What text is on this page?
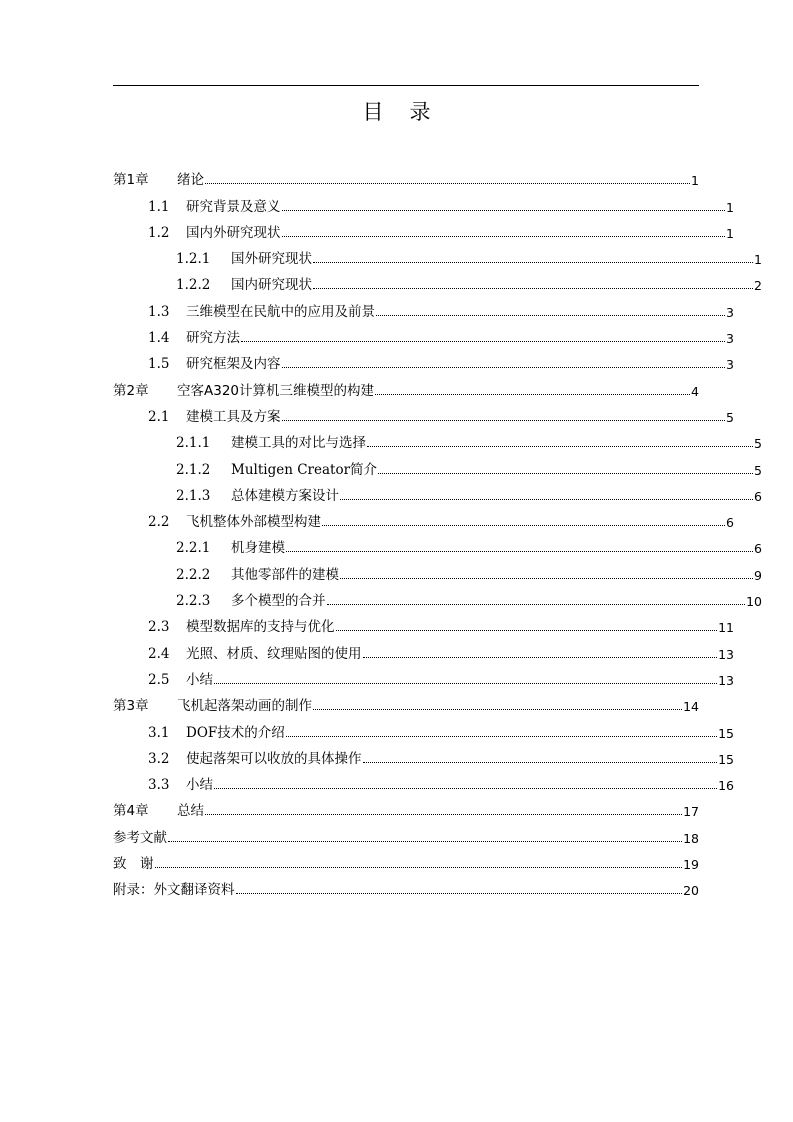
目录
第1章	绪论	1
1.1	研究背景及意义	1
1.2	国内外研究现状	1
1.2.1	国外研究现状	1
1.2.2	国内研究现状	2
1.3	三维模型在民航中的应用及前景	3
1.4	研究方法	3
1.5	研究框架及内容	3
第2章	空客A320计算机三维模型的构建	4
2.1	建模工具及方案	5
2.1.1	建模工具的对比与选择	5
2.1.2	Multigen Creator简介	5
2.1.3	总体建模方案设计	6
2.2	飞机整体外部模型构建	6
2.2.1	机身建模	6
2.2.2	其他零部件的建模	9
2.2.3	多个模型的合并	10
2.3	模型数据库的支持与优化	11
2.4	光照、材质、纹理贴图的使用	13
2.5	小结	13
第3章	飞机起落架动画的制作	14
3.1	DOF技术的介绍	15
3.2	使起落架可以收放的具体操作	15
3.3	小结	16
第4章	总结	17
参考文献	18
致　谢	19
附录：外文翻译资料	20
